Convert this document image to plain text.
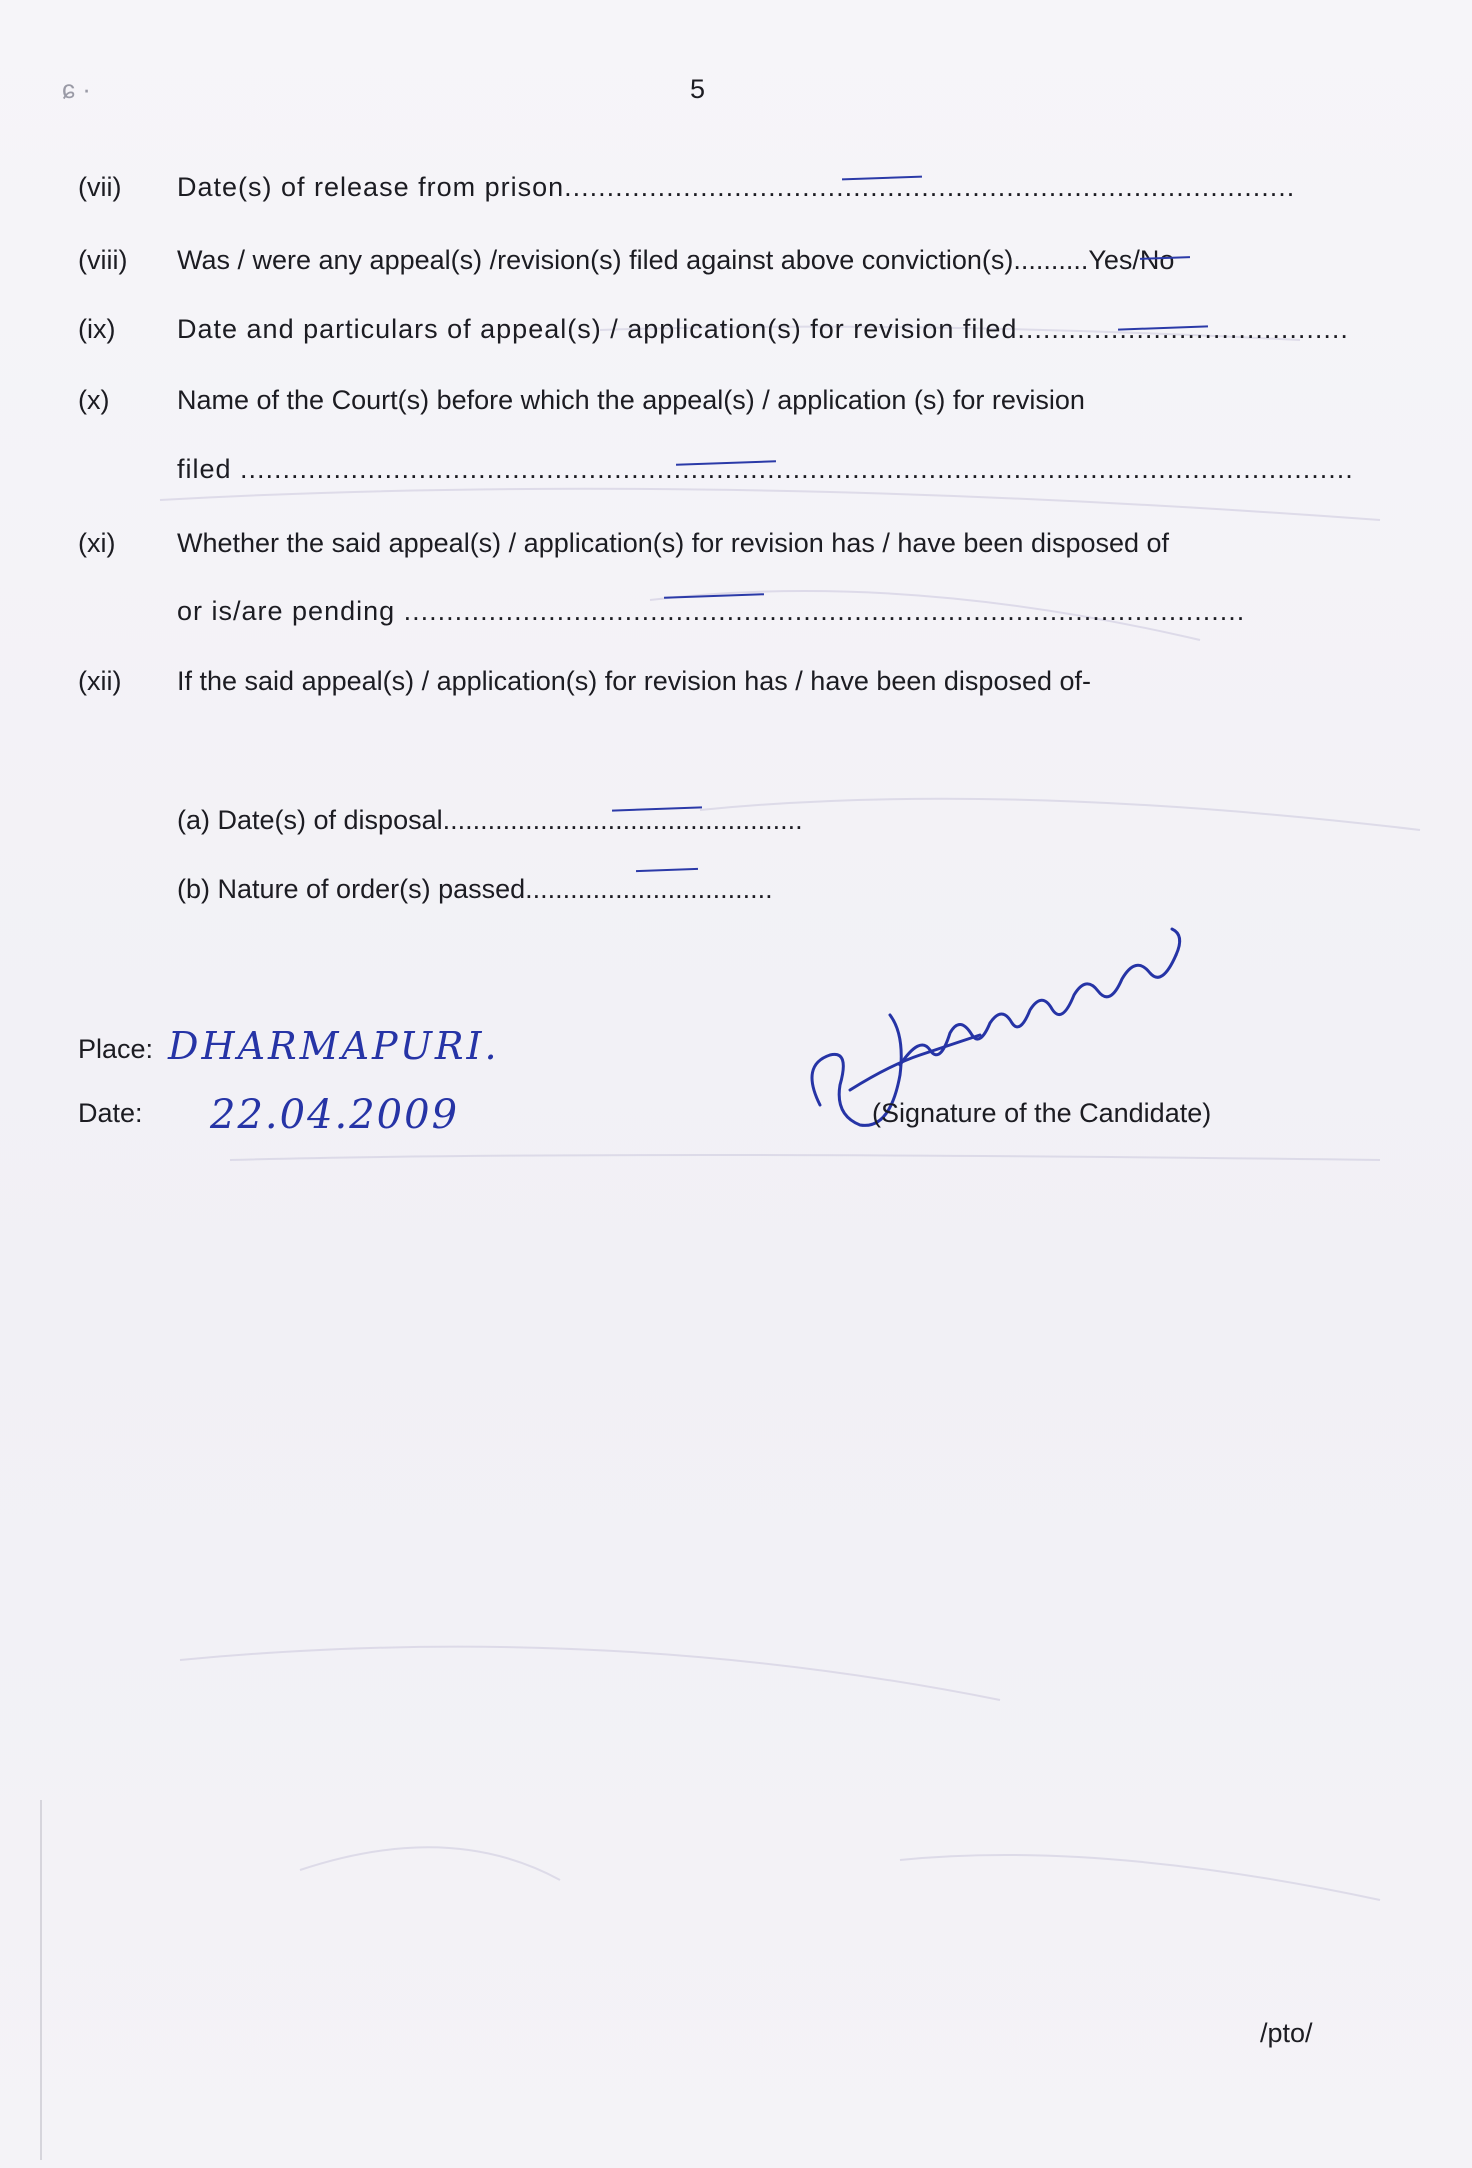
ɕ ·	5
(vii) Date(s) of release from prison......................................................................................
(viii) Was / were any appeal(s) /revision(s) filed against above conviction(s)..........Yes/No
(ix) Date and particulars of appeal(s) / application(s) for revision filed.......................................
(x)	Name of the Court(s) before which the appeal(s) / application (s) for revision
filed ...................................................................................................................................
(xi) Whether the said appeal(s) / application(s) for revision has / have been disposed of
or is/are pending ...................................................................................................
(xii) If the said appeal(s) / application(s) for revision has / have been disposed of-
(a) Date(s) of disposal................................................
(b) Nature of order(s) passed.................................
Place: DHARMAPURI.
Date: 22.04.2009	(Signature of the Candidate)
/pto/
